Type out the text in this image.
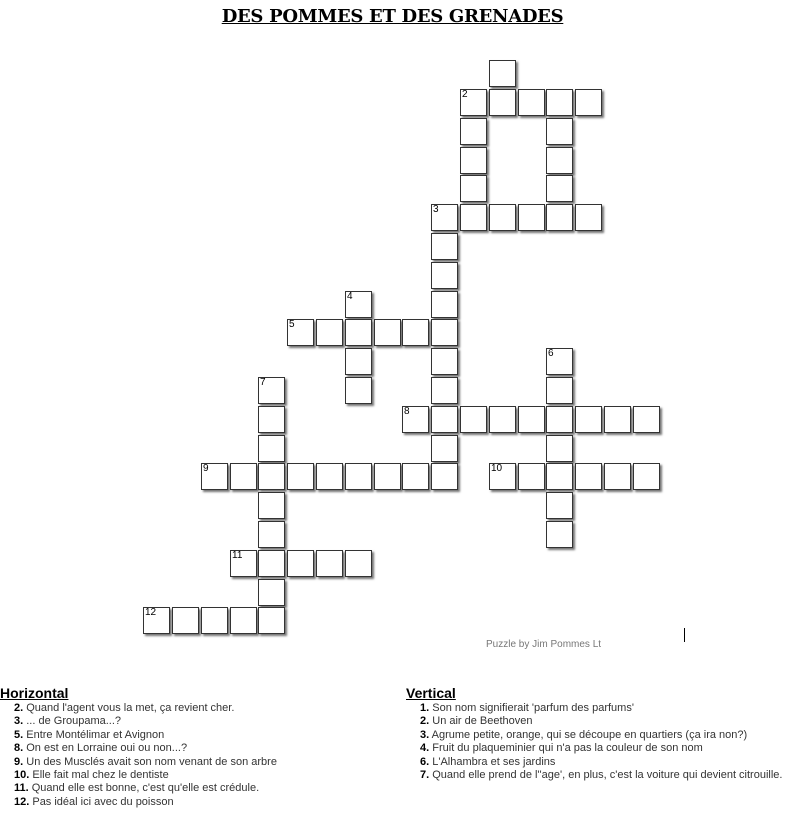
DES POMMES ET DES GRENADES
2
3
4
5
6
7
8
9	10
11
12
Puzzle by Jim Pommes Lt
Horizontal
2. Quand l'agent vous la met, ça revient cher.
3. ... de Groupama...?
5. Entre Montélimar et Avignon
8. On est en Lorraine oui ou non...?
9. Un des Musclés avait son nom venant de son arbre
10. Elle fait mal chez le dentiste
11. Quand elle est bonne, c'est qu'elle est crédule.
12. Pas idéal ici avec du poisson
Vertical
1. Son nom signifierait 'parfum des parfums'
2. Un air de Beethoven
3. Agrume petite, orange, qui se découpe en quartiers (ça ira non?)
4. Fruit du plaqueminier qui n'a pas la couleur de son nom
6. L'Alhambra et ses jardins
7. Quand elle prend de l''age', en plus, c'est la voiture qui devient citrouille.
